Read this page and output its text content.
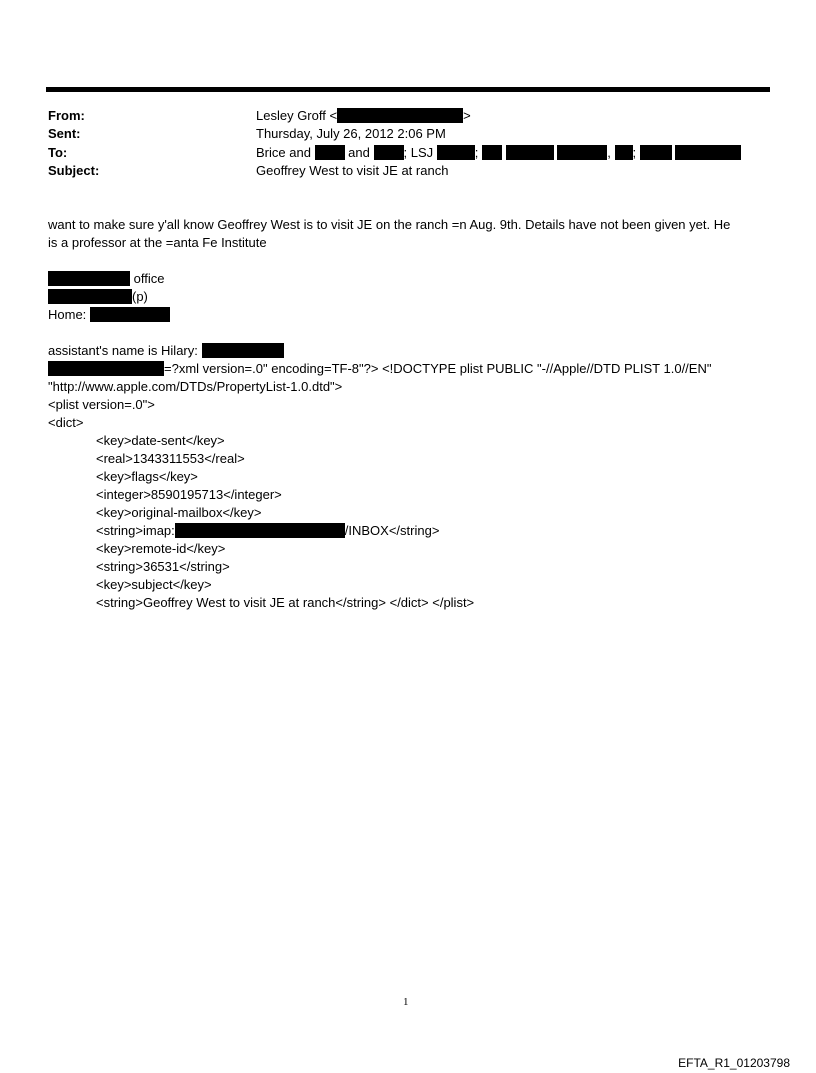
From:	Lesley Groff <	>
Sent:	Thursday, July 26, 2012 2:06 PM
To:	Brice and	and	; LSJ	;	, ;
Subject:	Geoffrey West to visit JE at ranch
want to make sure y'all know Geoffrey West is to visit JE on the ranch =n Aug. 9th. Details have not been given yet. He
is a professor at the =anta Fe Institute
office
(p)
Home:
assistant's name is Hilary:
=?xml version=.0" encoding=TF-8"?> <!DOCTYPE plist PUBLIC "-//Apple//DTD PLIST 1.0//EN"
"http://www.apple.com/DTDs/PropertyList-1.0.dtd">
<plist version=.0">
<dict>
<key>date-sent</key>
<real>1343311553</real>
<key>flags</key>
<integer>8590195713</integer>
<key>original-mailbox</key>
<string>imap:	/INBOX</string>
<key>remote-id</key>
<string>36531</string>
<key>subject</key>
<string>Geoffrey West to visit JE at ranch</string> </dict> </plist>
1
EFTA_R1_01203798
